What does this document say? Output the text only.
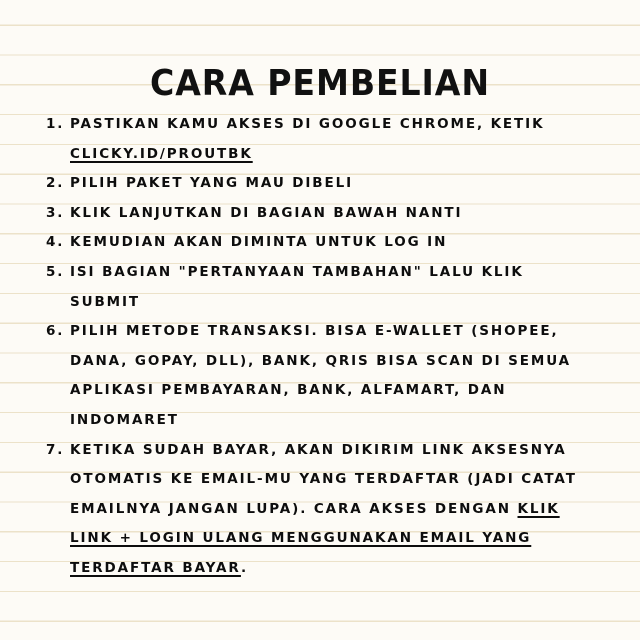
CARA PEMBELIAN
1. PASTIKAN KAMU AKSES DI GOOGLE CHROME, KETIK
CLICKY.ID/PROUTBK
2. PILIH PAKET YANG MAU DIBELI
3. KLIK LANJUTKAN DI BAGIAN BAWAH NANTI
4. KEMUDIAN AKAN DIMINTA UNTUK LOG IN
5. ISI BAGIAN "PERTANYAAN TAMBAHAN" LALU KLIK SUBMIT
6. PILIH METODE TRANSAKSI. BISA E-WALLET (SHOPEE, DANA, GOPAY, DLL), BANK, QRIS BISA SCAN DI SEMUA APLIKASI PEMBAYARAN, BANK, ALFAMART, DAN INDOMARET
7. KETIKA SUDAH BAYAR, AKAN DIKIRIM LINK AKSESNYA OTOMATIS KE EMAIL-MU YANG TERDAFTAR (JADI CATAT EMAILNYA JANGAN LUPA). CARA AKSES DENGAN KLIK LINK + LOGIN ULANG MENGGUNAKAN EMAIL YANG TERDAFTAR BAYAR.
